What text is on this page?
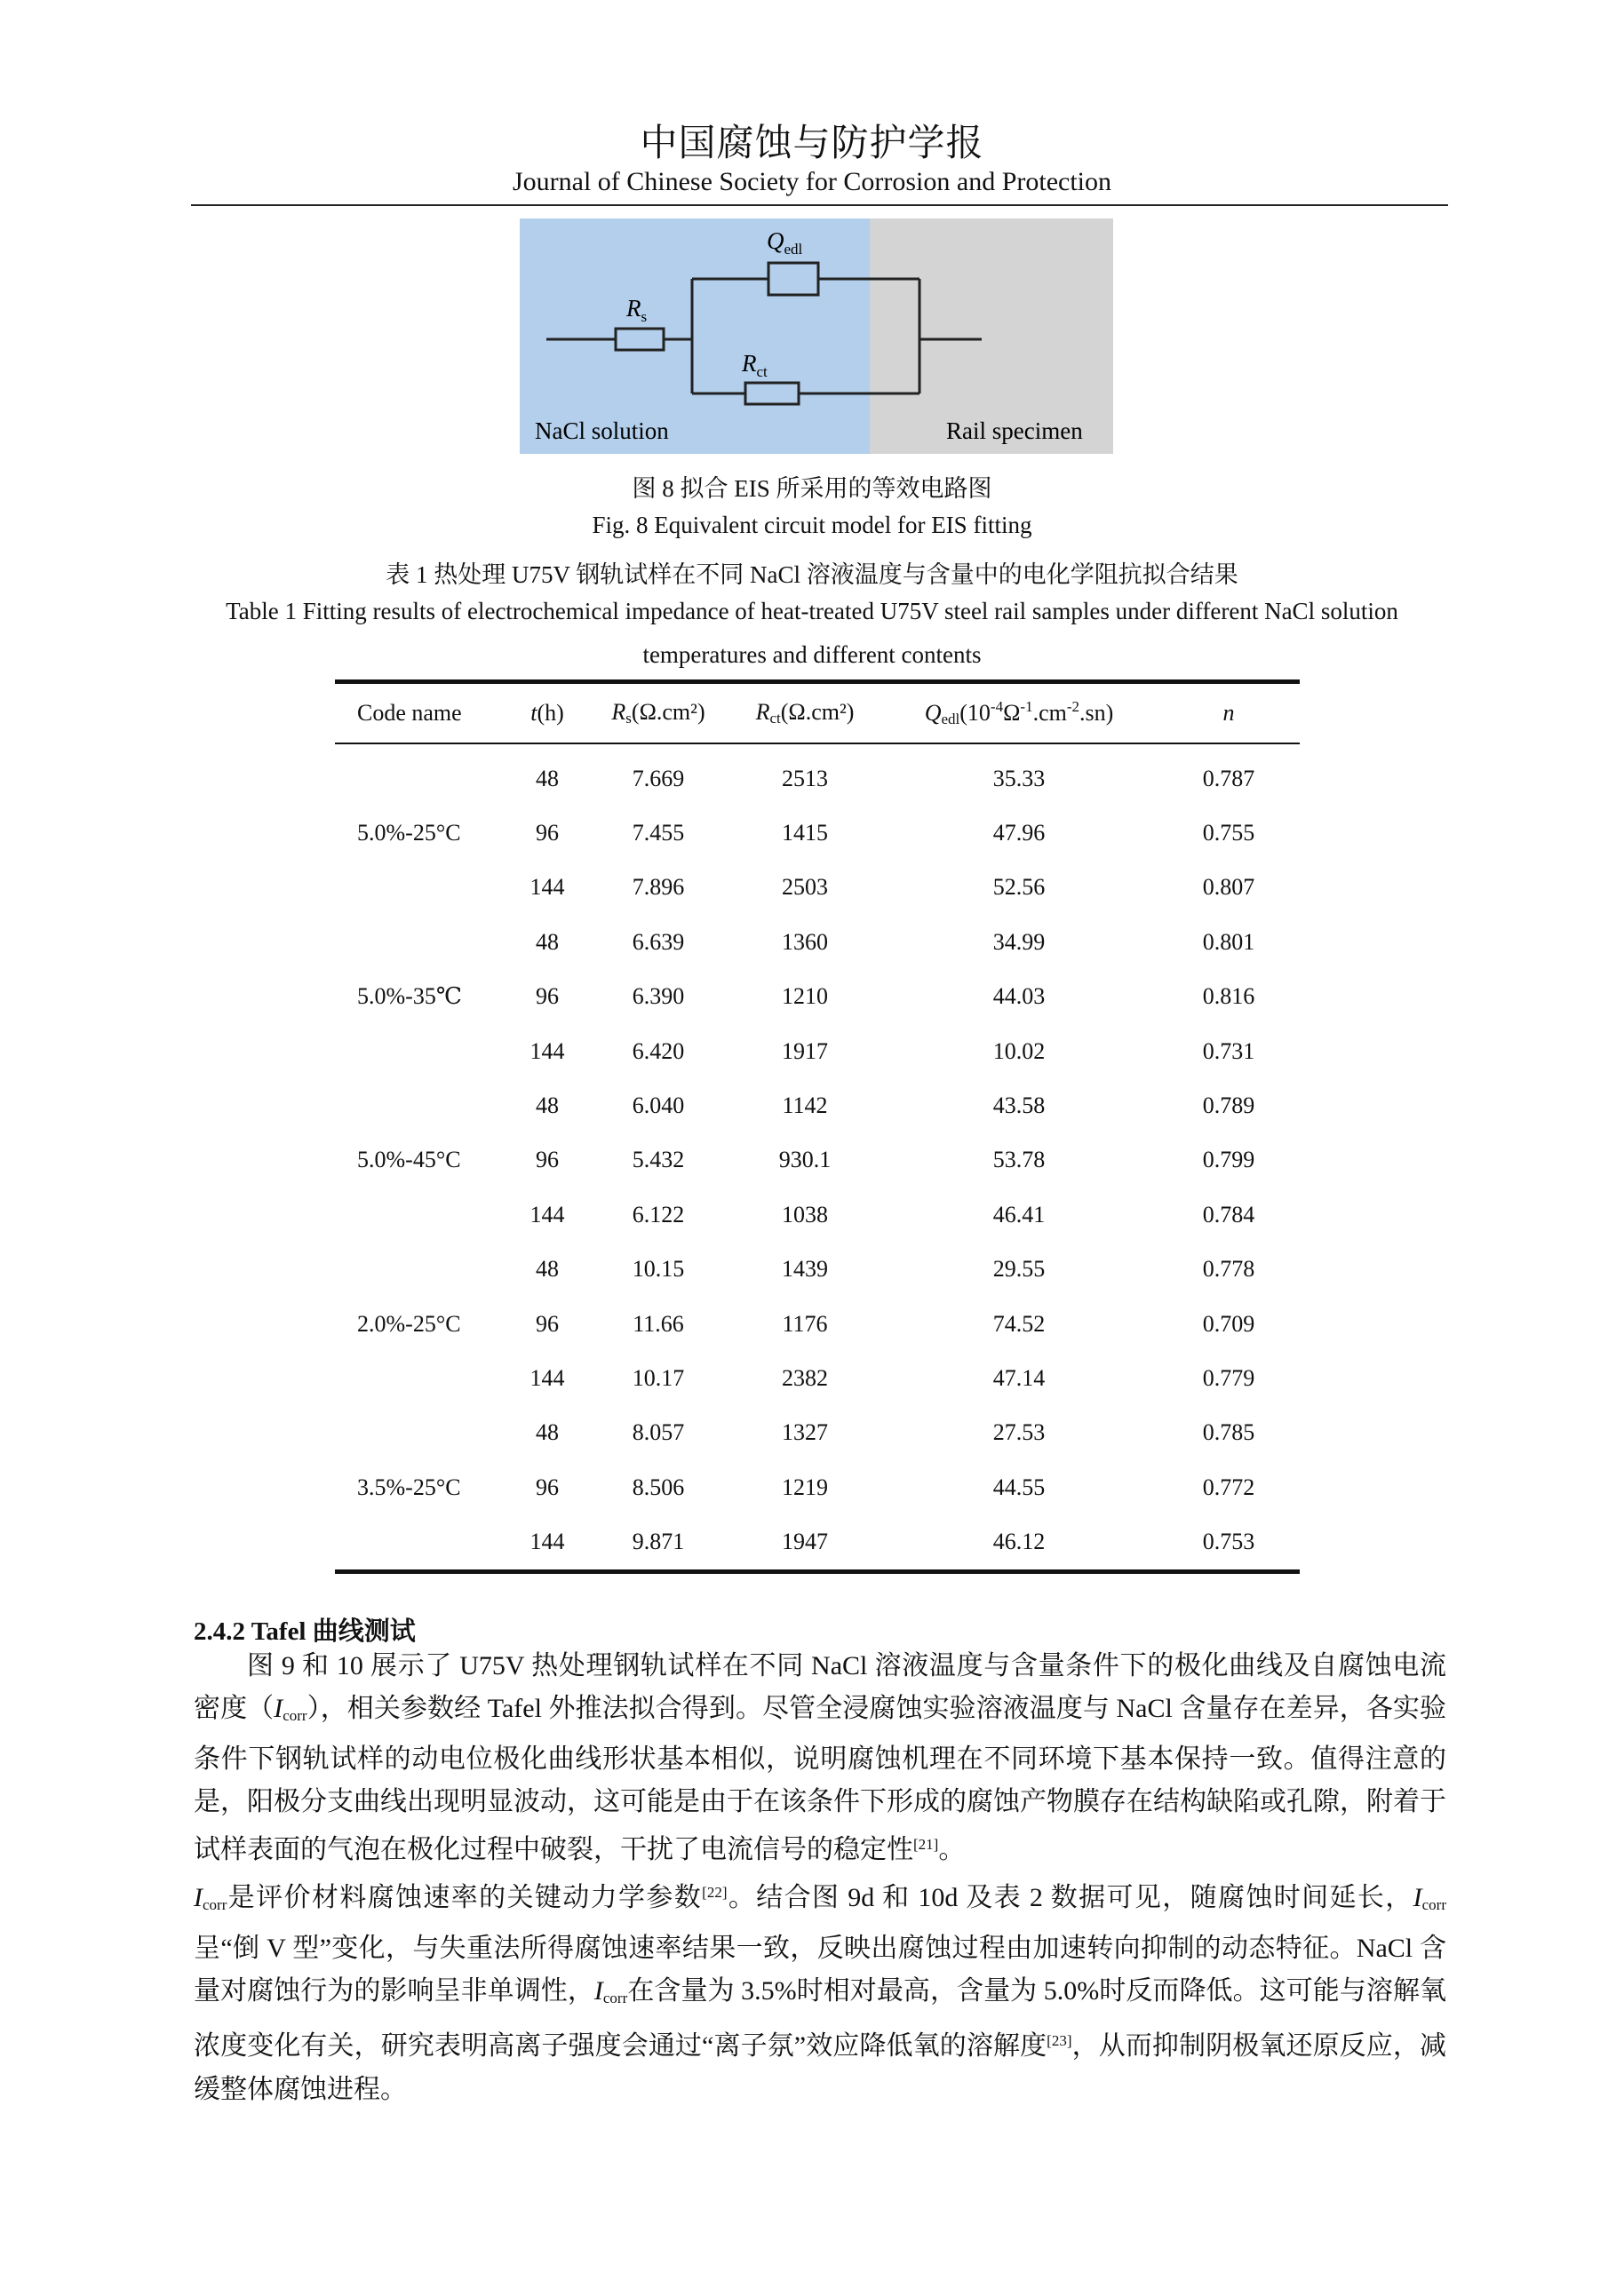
中国腐蚀与防护学报
Journal of Chinese Society for Corrosion and Protection
$Q_{edl}$
$R_s$
$R_{ct}$
NaCl solution	Rail specimen
图 8 拟合 EIS 所采用的等效电路图
Fig. 8 Equivalent circuit model for EIS fitting
表 1 热处理 U75V 钢轨试样在不同 NaCl 溶液温度与含量中的电化学阻抗拟合结果
Table 1 Fitting results of electrochemical impedance of heat-treated U75V steel rail samples under different NaCl solution
temperatures and different contents
Code name	t(h)	$R_s(\Omega.cm^2)$	$R_{ct}(\Omega.cm^2)$	$Q_{edl}(10^{-4}\Omega^{-1}.cm^{-2}.sn)$	n
	48	7.669	2513	35.33	0.787
5.0%-25°C	96	7.455	1415	47.96	0.755
	144	7.896	2503	52.56	0.807
	48	6.639	1360	34.99	0.801
5.0%-35℃	96	6.390	1210	44.03	0.816
	144	6.420	1917	10.02	0.731
	48	6.040	1142	43.58	0.789
5.0%-45°C	96	5.432	930.1	53.78	0.799
	144	6.122	1038	46.41	0.784
	48	10.15	1439	29.55	0.778
2.0%-25°C	96	11.66	1176	74.52	0.709
	144	10.17	2382	47.14	0.779
	48	8.057	1327	27.53	0.785
3.5%-25°C	96	8.506	1219	44.55	0.772
	144	9.871	1947	46.12	0.753
2.4.2 Tafel 曲线测试

图 9 和 10 展示了 U75V 热处理钢轨试样在不同 NaCl 溶液温度与含量条件下的极化曲线及自腐蚀电流密度$(I_{corr})$，相关参数经 Tafel 外推法拟合得到。尽管全浸腐蚀实验溶液温度与 NaCl 含量存在差异，各实验条件下钢轨试样的动电位极化曲线形状基本相似，说明腐蚀机理在不同环境下基本保持一致。值得注意的是，阳极分支曲线出现明显波动，这可能是由于在该条件下形成的腐蚀产物膜存在结构缺陷或孔隙，附着于试样表面的气泡在极化过程中破裂，干扰了电流信号的稳定性[21]。

$I_{corr}$是评价材料腐蚀速率的关键动力学参数[22]。结合图 9d 和 10d 及表 2 数据可见，随腐蚀时间延长，$I_{corr}$呈“倒 V 型”变化，与失重法所得腐蚀速率结果一致，反映出腐蚀过程由加速转向抑制的动态特征。NaCl 含量对腐蚀行为的影响呈非单调性，$I_{corr}$在含量为 3.5%时相对最高，含量为 5.0%时反而降低。这可能与溶解氧浓度变化有关，研究表明高离子强度会通过“离子氛”效应降低氧的溶解度[23]，从而抑制阴极氧还原反应，减缓整体腐蚀进程。
